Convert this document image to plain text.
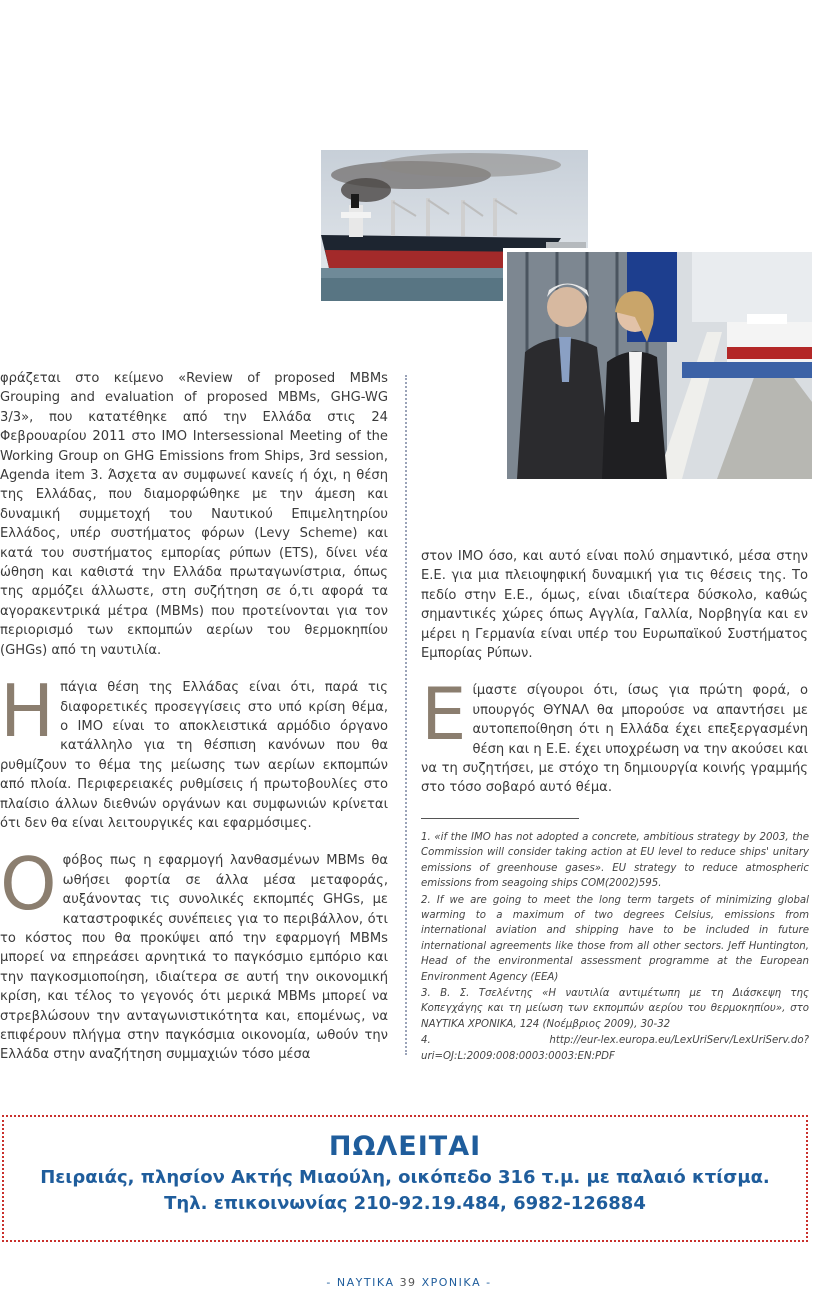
φράζεται στο κείμενο «Review of proposed MBMs Grouping and evaluation of proposed MBMs, GHG-WG 3/3», που κατατέθηκε από την Ελλάδα στις 24 Φεβρουαρίου 2011 στο IMO Intersessional Meeting of the Working Group on GHG Emissions from Ships, 3rd session, Agenda item 3. Άσχετα αν συμφωνεί κανείς ή όχι, η θέση της Ελλάδας, που διαμορφώθηκε με την άμεση και δυναμική συμμετοχή του Ναυτικού Επιμελητηρίου Ελλάδος, υπέρ συστήματος φόρων (Levy Scheme) και κατά του συστήματος εμπορίας ρύπων (ETS), δίνει νέα ώθηση και καθιστά την Ελλάδα πρωταγωνίστρια, όπως της αρμόζει άλλωστε, στη συζήτηση σε ό,τι αφορά τα αγορακεντρικά μέτρα (MBMs) που προτείνονται για τον περιορισμό των εκπομπών αερίων του θερμοκηπίου (GHGs) από τη ναυτιλία.

Ηπάγια θέση της Ελλάδας είναι ότι, παρά τις διαφορετικές προσεγγίσεις στο υπό κρίση θέμα, ο IMO είναι το αποκλειστικά αρμόδιο όργανο κατάλληλο για τη θέσπιση κανόνων που θα ρυθμίζουν το θέμα της μείωσης των αερίων εκπομπών από πλοία. Περιφερειακές ρυθμίσεις ή πρωτοβουλίες στο πλαίσιο άλλων διεθνών οργάνων και συμφωνιών κρίνεται ότι δεν θα είναι λειτουργικές και εφαρμόσιμες.

Οφόβος πως η εφαρμογή λανθασμένων MBMs θα ωθήσει φορτία σε άλλα μέσα μεταφοράς, αυξάνοντας τις συνολικές εκπομπές GHGs, με καταστροφικές συνέπειες για το περιβάλλον, ότι το κόστος που θα προκύψει από την εφαρμογή MBMs μπορεί να επηρεάσει αρνητικά το παγκόσμιο εμπόριο και την παγκοσμιοποίηση, ιδιαίτερα σε αυτή την οικονομική κρίση, και τέλος το γεγονός ότι μερικά MBMs μπορεί να στρεβλώσουν την ανταγωνιστικότητα και, επομένως, να επιφέρουν πλήγμα στην παγκόσμια οικονομία, ωθούν την Ελλάδα στην αναζήτηση συμμαχιών τόσο μέσα

στον IMO όσο, και αυτό είναι πολύ σημαντικό, μέσα στην Ε.Ε. για μια πλειοψηφική δυναμική για τις θέσεις της. Το πεδίο στην Ε.Ε., όμως, είναι ιδιαίτερα δύσκολο, καθώς σημαντικές χώρες όπως Αγγλία, Γαλλία, Νορβηγία και εν μέρει η Γερμανία είναι υπέρ του Ευρωπαϊκού Συστήματος Εμπορίας Ρύπων.

Είμαστε σίγουροι ότι, ίσως για πρώτη φορά, ο υπουργός ΘΥΝΑΛ θα μπορούσε να απαντήσει με αυτοπεποίθηση ότι η Ελλάδα έχει επεξεργασμένη θέση και η Ε.Ε. έχει υποχρέωση να την ακούσει και να τη συζητήσει, με στόχο τη δημιουργία κοινής γραμμής στο τόσο σοβαρό αυτό θέμα.

1. «if the IMO has not adopted a concrete, ambitious strategy by 2003, the Commission will consider taking action at EU level to reduce ships' unitary emissions of greenhouse gases». EU strategy to reduce atmospheric emissions from seagoing ships COM(2002)595.
2. If we are going to meet the long term targets of minimizing global warming to a maximum of two degrees Celsius, emissions from international aviation and shipping have to be included in future international agreements like those from all other sectors. Jeff Huntington, Head of the environmental assessment programme at the European Environment Agency (EEA)
3. Β. Σ. Τσελέντης «Η ναυτιλία αντιμέτωπη με τη Διάσκεψη της Κοπεγχάγης και τη μείωση των εκπομπών αερίου του θερμοκηπίου», στο ΝΑΥΤΙΚΑ ΧΡΟΝΙΚΑ, 124 (Νοέμβριος 2009), 30-32
4. http://eur-lex.europa.eu/LexUriServ/LexUriServ.do?uri=OJ:L:2009:008:0003:0003:EN:PDF
ΠΩΛΕΙΤΑΙ
Πειραιάς, πλησίον Ακτής Μιαούλη, οικόπεδο 316 τ.μ. με παλαιό κτίσμα.
Τηλ. επικοινωνίας 210-92.19.484, 6982-126884
- ΝΑΥΤΙΚΑ 39 ΧΡΟΝΙΚΑ -
